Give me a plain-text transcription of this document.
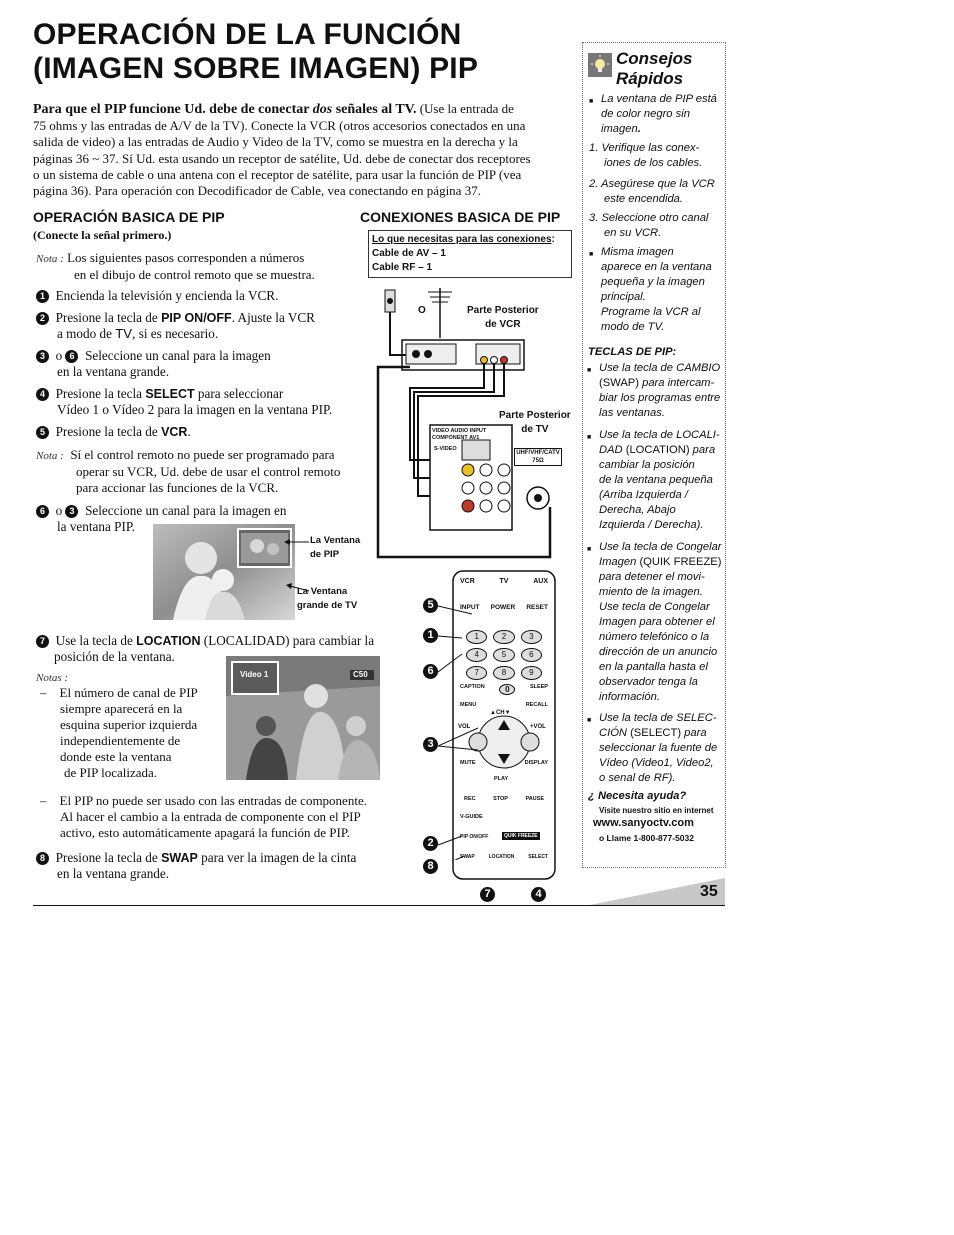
OPERACIÓN DE LA FUNCIÓN
(IMAGEN SOBRE IMAGEN) PIP
Para que el PIP funcione Ud. debe de conectar dos señales al TV. (Use la entrada de
75 ohms y las entradas de A/V de la TV). Conecte la VCR (otros accesorios conectados en una
salida de video) a las entradas de Audio y Video de la TV, como se muestra en la derecha y la
páginas 36 ~ 37. Sí Ud. esta usando un receptor de satélite, Ud. debe de conectar dos receptores
o un sistema de cable o una antena con el receptor de satélite, para usar la función de PIP (vea
página 36). Para operación con Decodificador de Cable, vea conectando en página 37.
OPERACIÓN BASICA DE PIP
(Conecte la señal primero.)
Nota : Los siguientes pasos corresponden a números
en el dibujo de control remoto que se muestra.
1 Encienda la televisión y encienda la VCR.
2 Presione la tecla de PIP ON/OFF. Ajuste la VCR
a modo de TV, si es necesario.
3 o 6 Seleccione un canal para la imagen
en la ventana grande.
4 Presione la tecla SELECT para seleccionar
Vídeo 1 o Vídeo 2 para la imagen en la ventana PIP.
5 Presione la tecla de VCR.
Nota : Sí el control remoto no puede ser programado para
operar su VCR, Ud. debe de usar el control remoto
para accionar las funciones de la VCR.
6 o 3 Seleccione un canal para la imagen en
la ventana PIP.
La Ventana
de PIP
La Ventana
grande de TV
7 Use la tecla de LOCATION (LOCALIDAD) para cambiar la
posición de la ventana.
Notas :
– El número de canal de PIP
siempre aparecerá en la
esquina superior izquierda
independientemente de
donde este la ventana
de PIP localizada.
Video 1	C50
– El PIP no puede ser usado con las entradas de componente.
Al hacer el cambio a la entrada de componente con el PIP
activo, esto automáticamente apagará la función de PIP.
8 Presione la tecla de SWAP para ver la imagen de la cinta
en la ventana grande.
CONEXIONES BASICA DE PIP
Lo que necesitas para las conexiones:
Cable de AV – 1
Cable RF – 1
O	Parte Posterior
de VCR
Parte Posterior
de TV
VIDEO AUDIO INPUT COMPONENT AV1
S-VIDEO
UHF/VHF/CATV 75Ω
VCR	TV	AUX
INPUT POWER RESET
1	2	3
4	5	6
7	8	9
CAPTION	0	SLEEP
MENU	RECALL
▲CH▼
VOL	+VOL
MUTE	DISPLAY
PLAY
REC	STOP	PAUSE
V-GUIDE
PIP ON/OFF	QUIK FREEZE
SWAP	LOCATION	SELECT
5
1
6
3
2
8
7	4
Consejos
Rápidos
■ La ventana de PIP está
de color negro sin
imagen.
1. Verifique las conex-
iones de los cables.
2. Asegúrese que la VCR
este encendida.
3. Seleccione otro canal
en su VCR.
■ Misma imagen
aparece en la ventana
pequeña y la imagen
principal.
Programe la VCR al
modo de TV.
TECLAS DE PIP:
■ Use la tecla de CAMBIO
(SWAP) para intercam-
biar los programas entre
las ventanas.
■ Use la tecla de LOCALI-
DAD (LOCATION) para
cambiar la posición
de la ventana pequeña
(Arriba Izquierda /
Derecha, Abajo
Izquierda / Derecha).
■ Use la tecla de Congelar
Imagen (QUIK FREEZE)
para detener el movi-
miento de la imagen.
Use tecla de Congelar
Imagen para obtener el
número telefónico o la
dirección de un anuncio
en la pantalla hasta el
observador tenga la
información.
■ Use la tecla de SELEC-
CIÓN (SELECT) para
seleccionar la fuente de
Vídeo (Video1, Video2,
o senal de RF).
¿ Necesita ayuda?
Visite nuestro sitio en internet
www.sanyoctv.com
o Llame 1-800-877-5032
35
